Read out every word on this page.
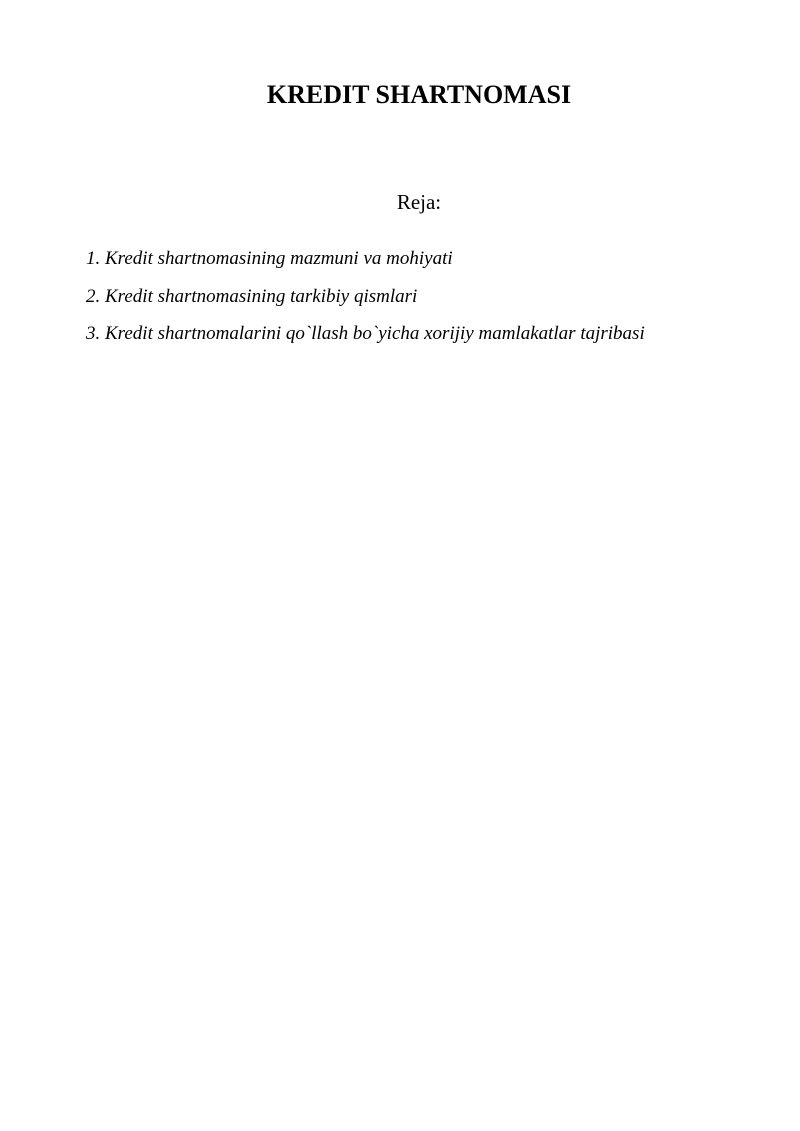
KREDIT SHARTNOMASI

Reja:

1. Kredit shartnomasining mazmuni va mohiyati
2. Kredit shartnomasining tarkibiy qismlari
3. Kredit shartnomalarini qo`llash bo`yicha xorijiy mamlakatlar tajribasi
